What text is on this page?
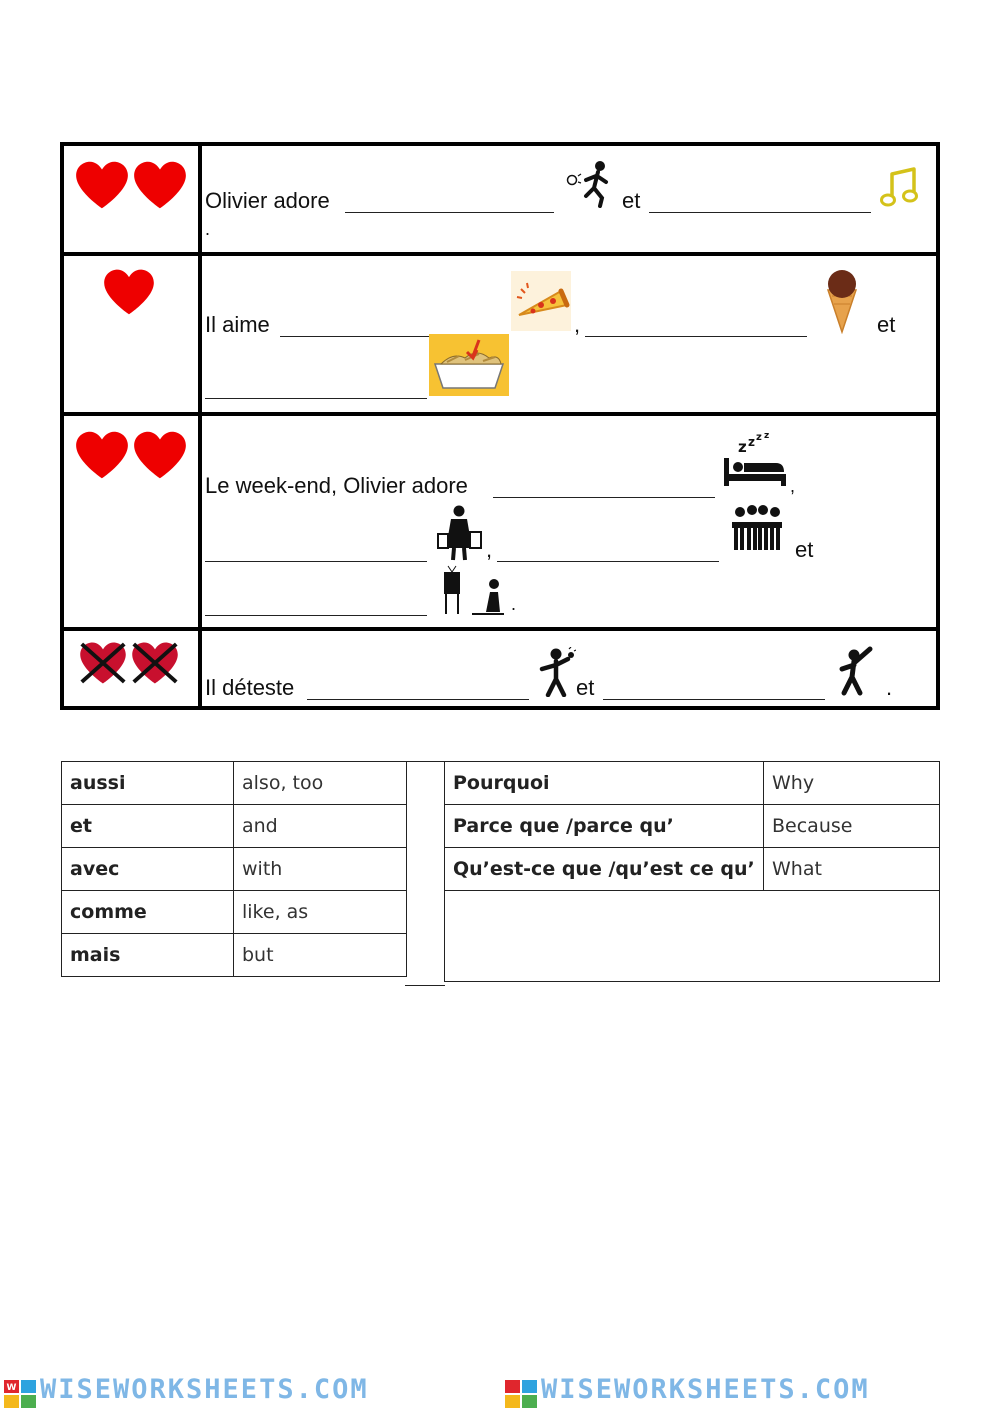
Olivier adore	et
.
Il aime	,	et
Le week-end, Olivier adore
z z z z
,
,	et
.
Il déteste	et	.
aussi	also, too
et	and
avec	with
comme	like, as
mais	but
Pourquoi	Why
Parce que /parce qu’	Because
Qu’est-ce que /qu’est ce qu’	What

W WISEWORKSHEETS.COM	WISEWORKSHEETS.COM
